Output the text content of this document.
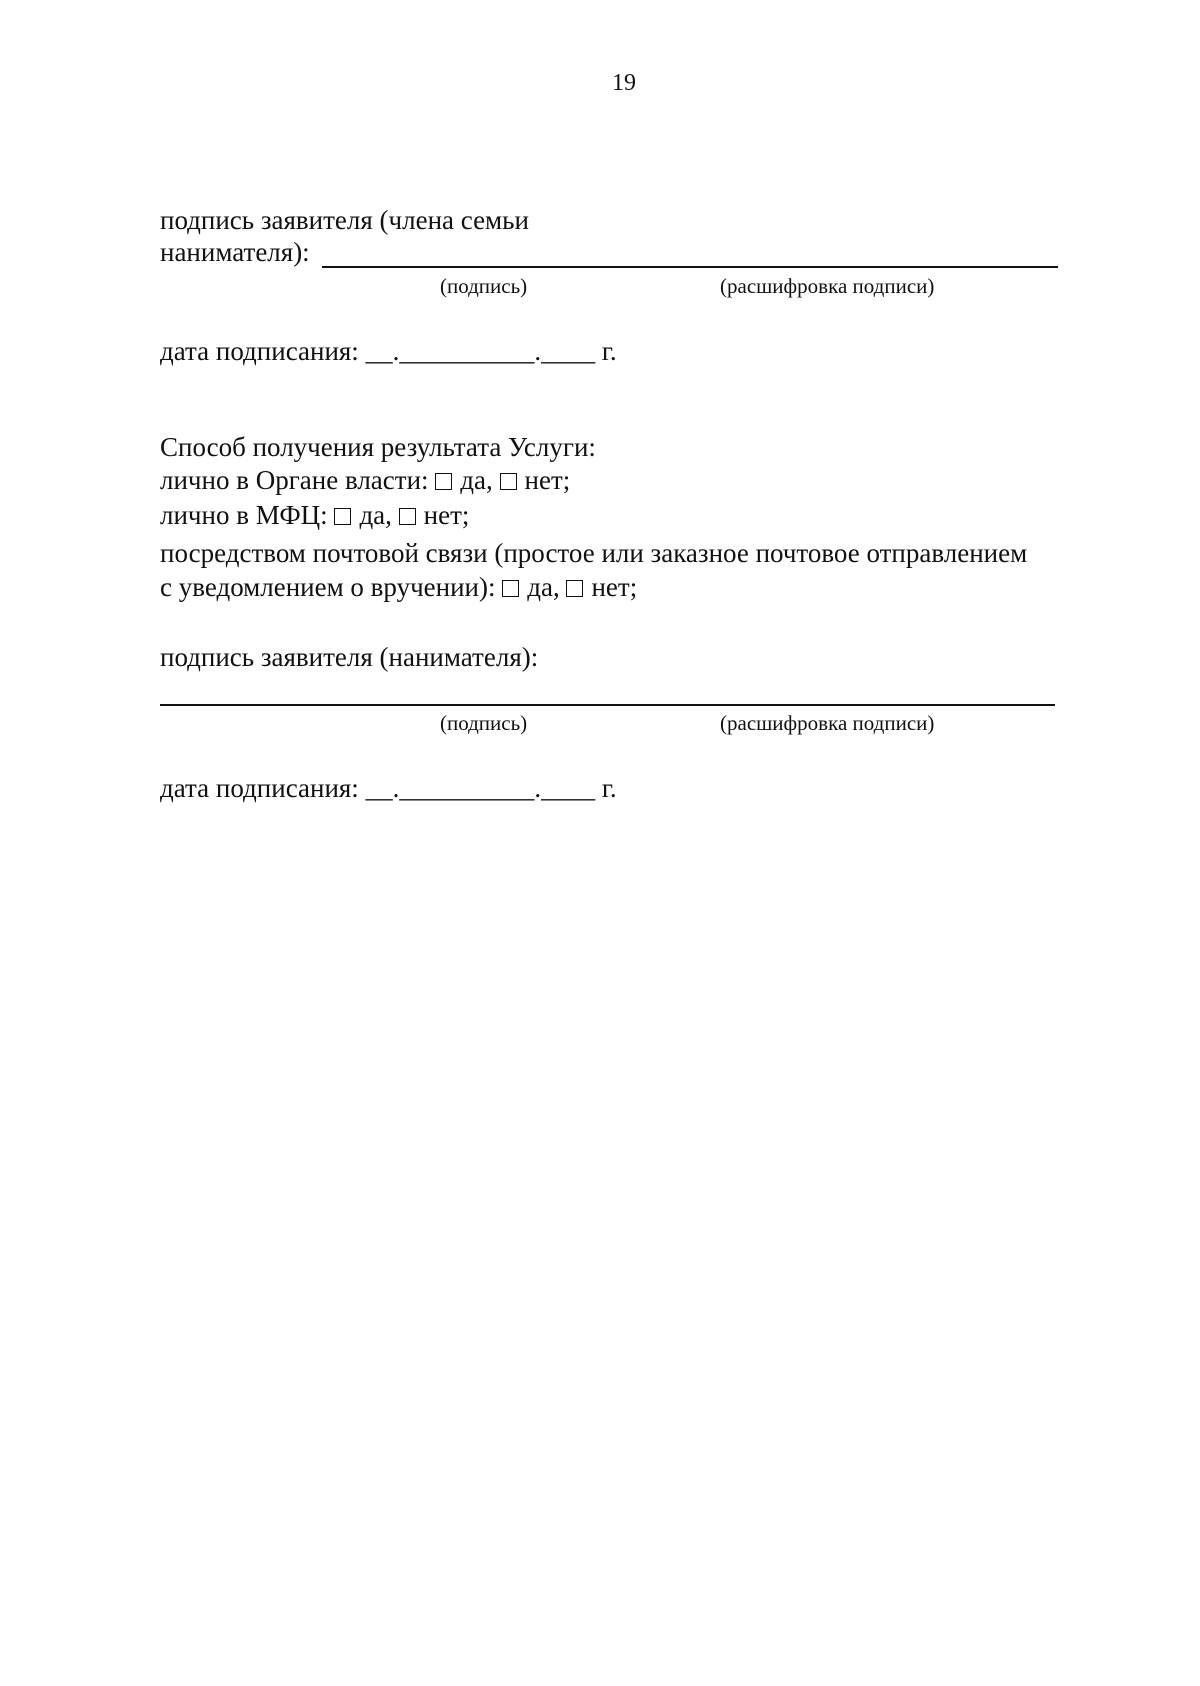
19
подпись заявителя (члена семьи
нанимателя):
(подпись)	(расшифровка подписи)
дата подписания: __.__________.____ г.
Способ получения результата Услуги:
лично в Органе власти: да, нет;
лично в МФЦ: да, нет;
посредством почтовой связи (простое или заказное почтовое отправлением
с уведомлением о вручении): да, нет;
подпись заявителя (нанимателя):
(подпись)	(расшифровка подписи)
дата подписания: __.__________.____ г.
